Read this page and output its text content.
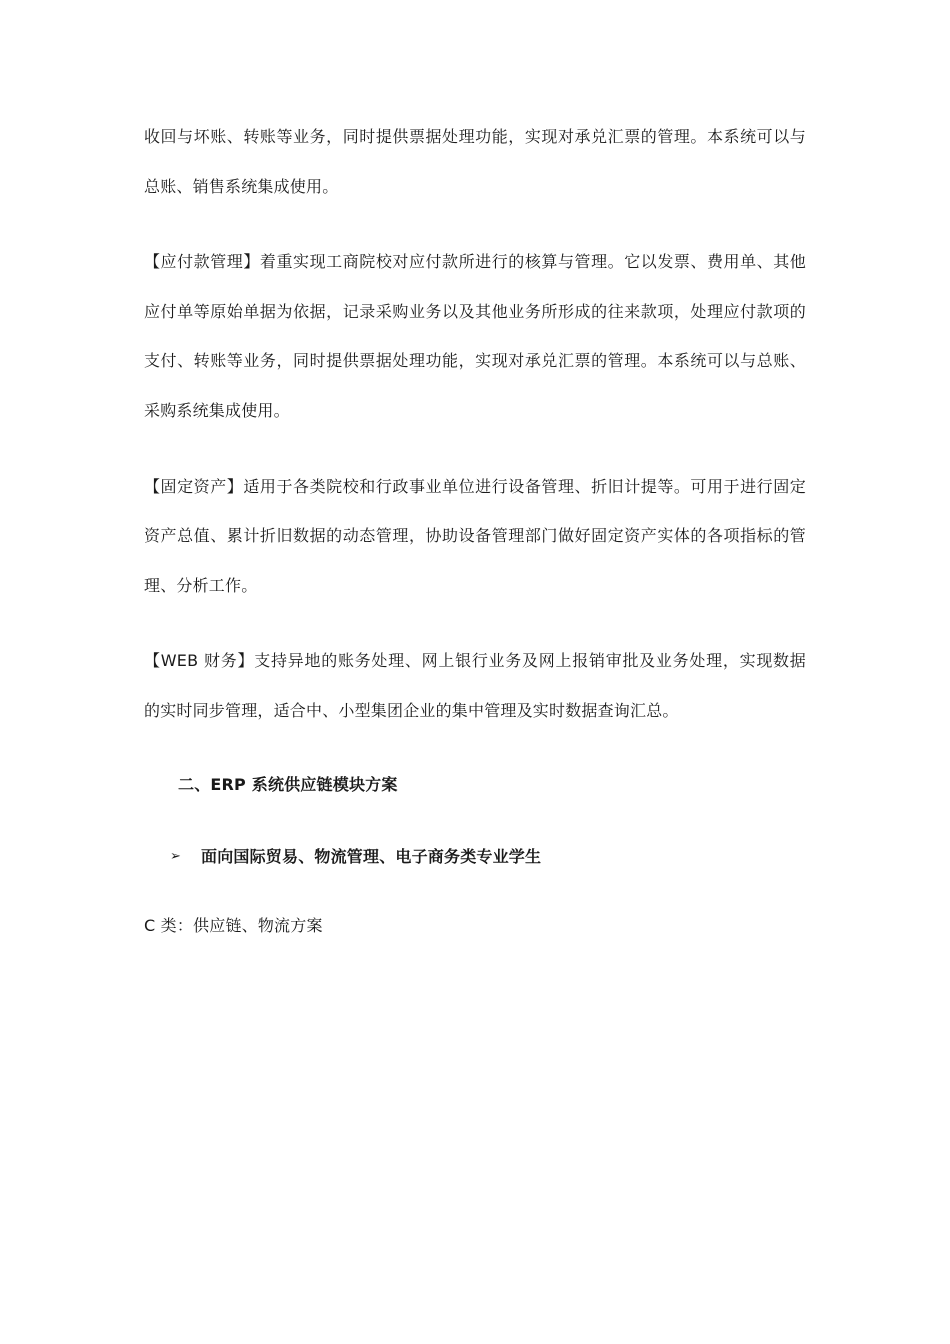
收回与坏账、转账等业务，同时提供票据处理功能，实现对承兑汇票的管理。本系统可以与
总账、销售系统集成使用。
【应付款管理】着重实现工商院校对应付款所进行的核算与管理。它以发票、费用单、其他
应付单等原始单据为依据，记录采购业务以及其他业务所形成的往来款项，处理应付款项的
支付、转账等业务，同时提供票据处理功能，实现对承兑汇票的管理。本系统可以与总账、
采购系统集成使用。
【固定资产】适用于各类院校和行政事业单位进行设备管理、折旧计提等。可用于进行固定
资产总值、累计折旧数据的动态管理，协助设备管理部门做好固定资产实体的各项指标的管
理、分析工作。
【WEB 财务】支持异地的账务处理、网上银行业务及网上报销审批及业务处理，实现数据
的实时同步管理，适合中、小型集团企业的集中管理及实时数据查询汇总。
二、ERP 系统供应链模块方案
➢ 面向国际贸易、物流管理、电子商务类专业学生
C 类：供应链、物流方案
